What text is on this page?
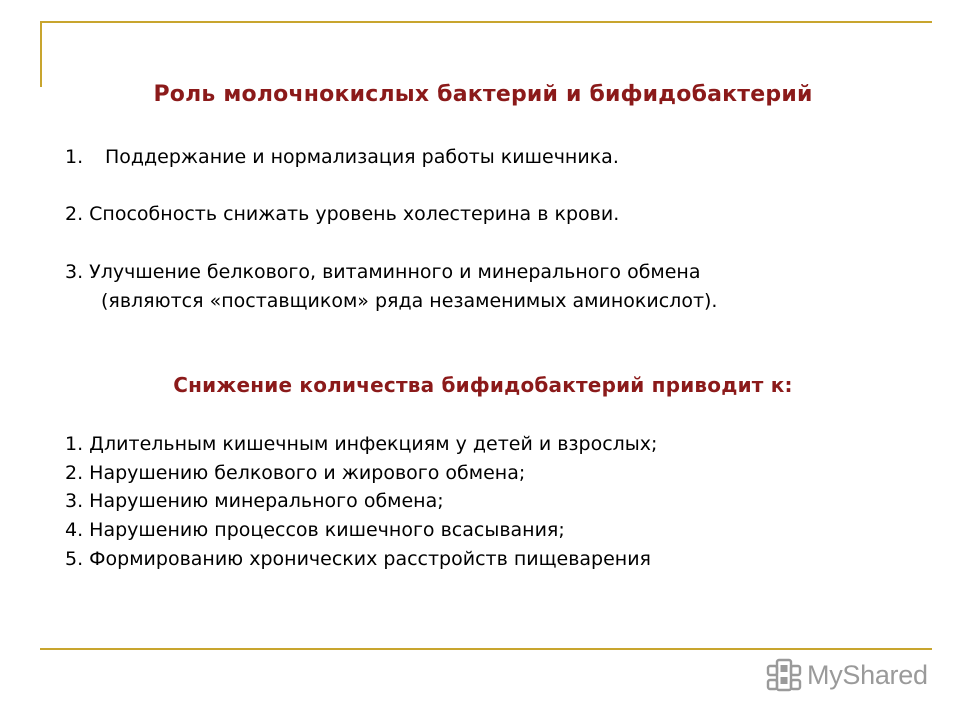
Роль молочнокислых бактерий и бифидобактерий
1. Поддержание и нормализация работы кишечника.
2. Способность снижать уровень холестерина в крови.
3. Улучшение белкового, витаминного и минерального обмена
(являются «поставщиком» ряда незаменимых аминокислот).
Снижение количества бифидобактерий приводит к:
1. Длительным кишечным инфекциям у детей и взрослых;
2. Нарушению белкового и жирового обмена;
3. Нарушению минерального обмена;
4. Нарушению процессов кишечного всасывания;
5. Формированию хронических расстройств пищеварения
MyShared
